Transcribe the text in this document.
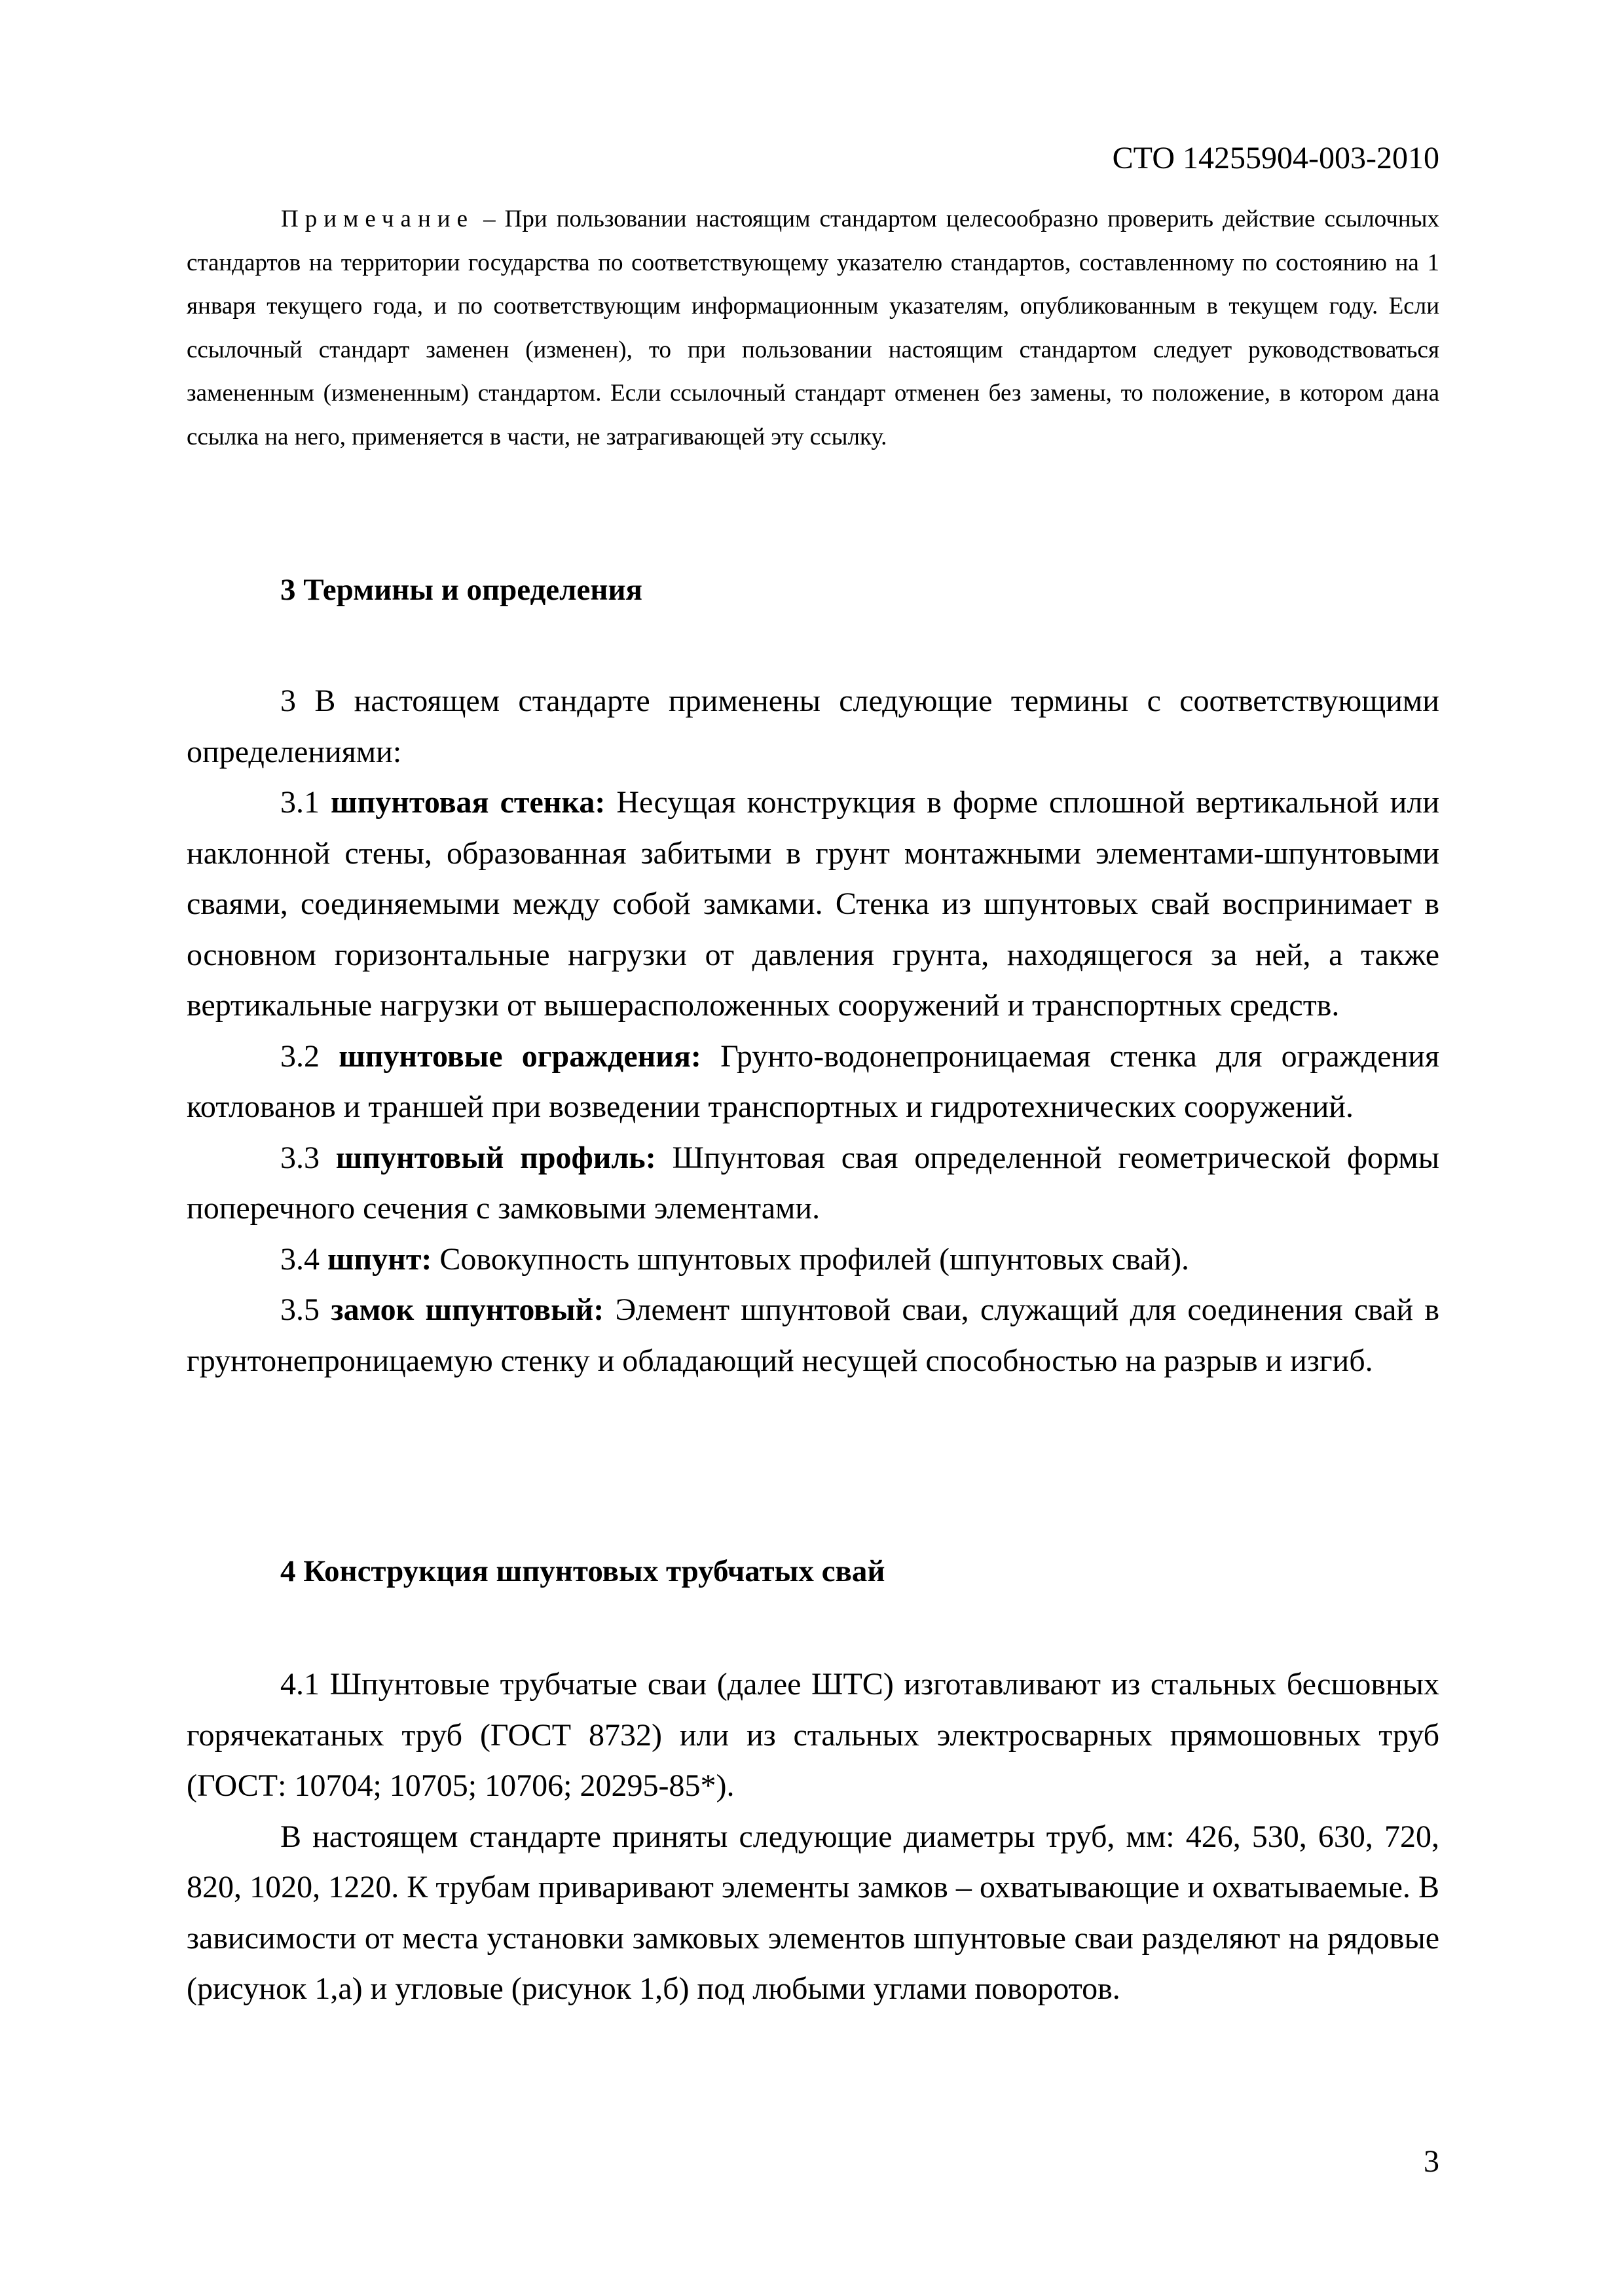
СТО 14255904-003-2010
Примечание – При пользовании настоящим стандартом целесообразно проверить действие ссылочных стандартов на территории государства по соответствующему указателю стандартов, составленному по состоянию на 1 января текущего года, и по соответствующим информационным указателям, опубликованным в текущем году. Если ссылочный стандарт заменен (изменен), то при пользовании настоящим стандартом следует руководствоваться замененным (измененным) стандартом. Если ссылочный стандарт отменен без замены, то положение, в котором дана ссылка на него, применяется в части, не затрагивающей эту ссылку.
3 Термины и определения

3 В настоящем стандарте применены следующие термины с соответствующими определениями:

3.1 шпунтовая стенка: Несущая конструкция в форме сплошной вертикальной или наклонной стены, образованная забитыми в грунт монтажными элементами-шпунтовыми сваями, соединяемыми между собой замками. Стенка из шпунтовых свай воспринимает в основном горизонтальные нагрузки от давления грунта, находящегося за ней, а также вертикальные нагрузки от вышерасположенных сооружений и транспортных средств.

3.2 шпунтовые ограждения: Грунто-водонепроницаемая стенка для ограждения котлованов и траншей при возведении транспортных и гидротехнических сооружений.

3.3 шпунтовый профиль: Шпунтовая свая определенной геометрической формы поперечного сечения с замковыми элементами.

3.4 шпунт: Совокупность шпунтовых профилей (шпунтовых свай).

3.5 замок шпунтовый: Элемент шпунтовой сваи, служащий для соединения свай в грунтонепроницаемую стенку и обладающий несущей способностью на разрыв и изгиб.

4 Конструкция шпунтовых трубчатых свай

4.1 Шпунтовые трубчатые сваи (далее ШТС) изготавливают из стальных бесшовных горячекатаных труб (ГОСТ 8732) или из стальных электросварных прямошовных труб (ГОСТ: 10704; 10705; 10706; 20295-85*).

В настоящем стандарте приняты следующие диаметры труб, мм: 426, 530, 630, 720, 820, 1020, 1220. К трубам приваривают элементы замков – охватывающие и охватываемые. В зависимости от места установки замковых элементов шпунтовые сваи разделяют на рядовые (рисунок 1,а) и угловые (рисунок 1,б) под любыми углами поворотов.

3
